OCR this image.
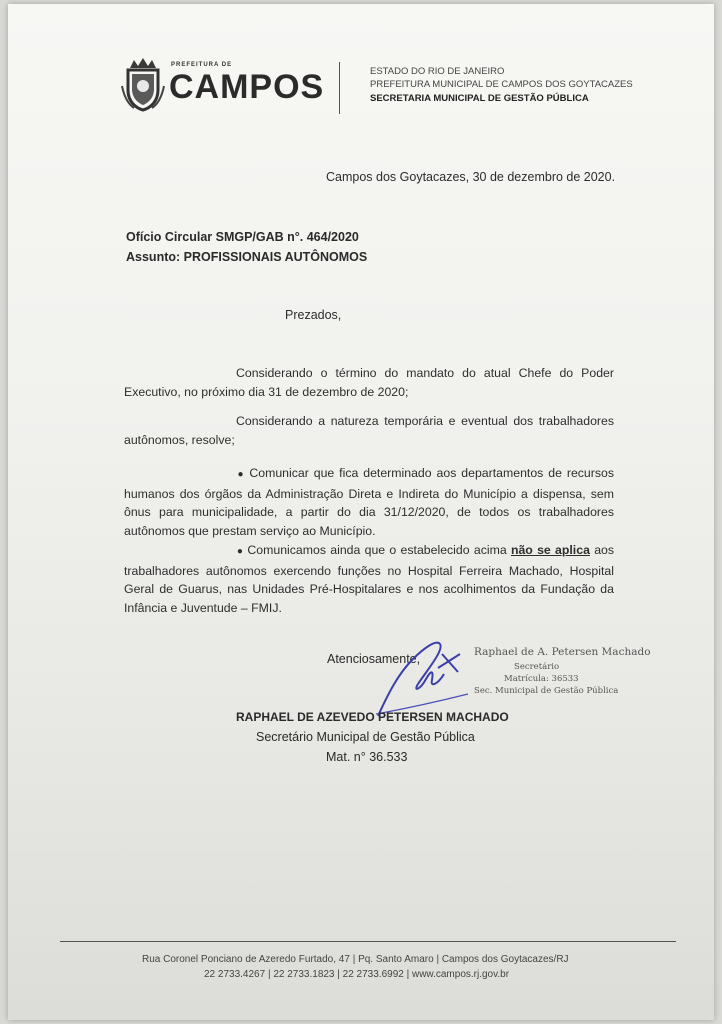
PREFEITURA DE
CAMPOS	ESTADO DO RIO DE JANEIRO
PREFEITURA MUNICIPAL DE CAMPOS DOS GOYTACAZES
SECRETARIA MUNICIPAL DE GESTÃO PÚBLICA
Campos dos Goytacazes, 30 de dezembro de 2020.
Ofício Circular SMGP/GAB n°. 464/2020
Assunto: PROFISSIONAIS AUTÔNOMOS
Prezados,
Considerando o término do mandato do atual Chefe do Poder Executivo, no próximo dia 31 de dezembro de 2020;
Considerando a natureza temporária e eventual dos trabalhadores autônomos, resolve;
● Comunicar que fica determinado aos departamentos de recursos humanos dos órgãos da Administração Direta e Indireta do Município a dispensa, sem ônus para municipalidade, a partir do dia 31/12/2020, de todos os trabalhadores autônomos que prestam serviço ao Município.
● Comunicamos ainda que o estabelecido acima não se aplica aos trabalhadores autônomos exercendo funções no Hospital Ferreira Machado, Hospital Geral de Guarus, nas Unidades Pré-Hospitalares e nos acolhimentos da Fundação da Infância e Juventude – FMIJ.
Atenciosamente,	Raphael de A. Petersen Machado
Secretário
Matrícula: 36533
Sec. Municipal de Gestão Pública
RAPHAEL DE AZEVEDO PETERSEN MACHADO
Secretário Municipal de Gestão Pública
Mat. n° 36.533
Rua Coronel Ponciano de Azeredo Furtado, 47 | Pq. Santo Amaro | Campos dos Goytacazes/RJ
22 2733.4267 | 22 2733.1823 | 22 2733.6992 | www.campos.rj.gov.br
